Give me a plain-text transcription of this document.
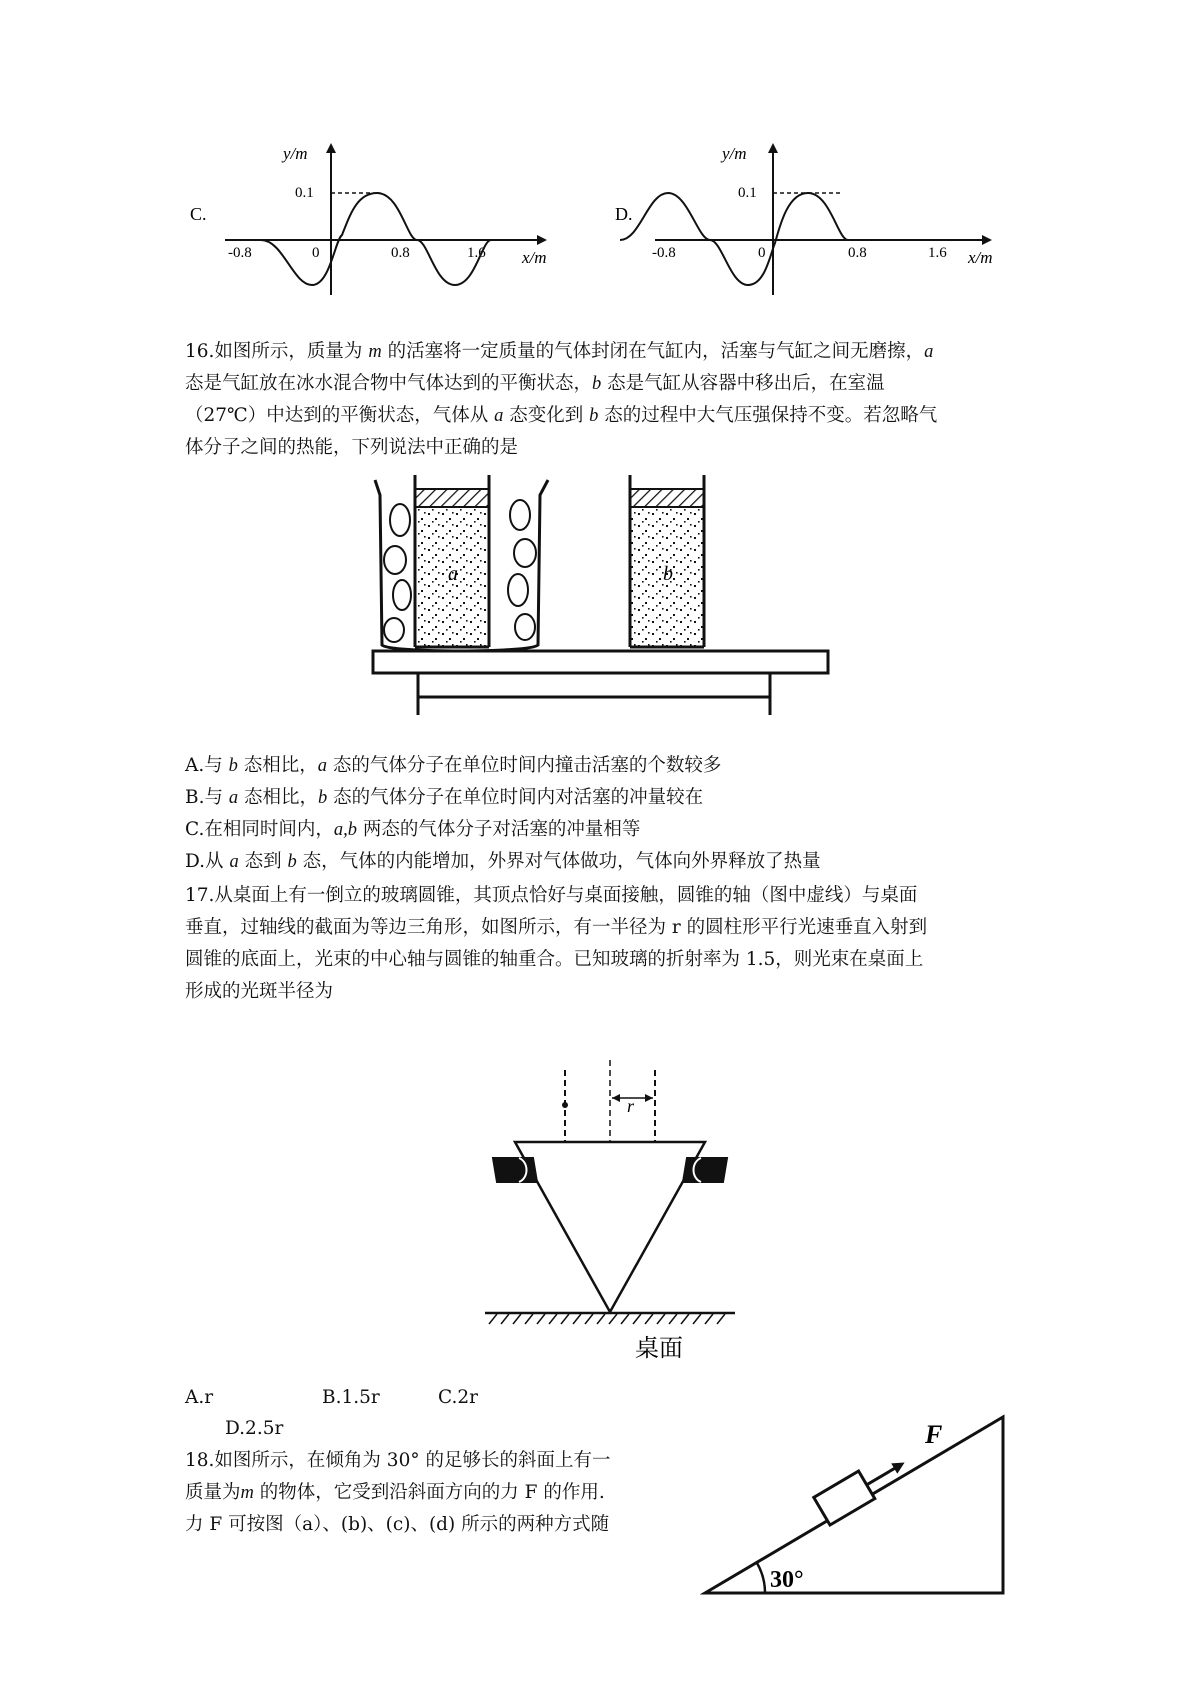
C.
y/m
x/m
0.1
-0.8	0	0.8	1.6
D.
y/m
x/m
0.1
-0.8	0	0.8	1.6
16.如图所示，质量为 m 的活塞将一定质量的气体封闭在气缸内，活塞与气缸之间无磨擦，a
态是气缸放在冰水混合物中气体达到的平衡状态，b 态是气缸从容器中移出后，在室温
（27℃）中达到的平衡状态，气体从 a 态变化到 b 态的过程中大气压强保持不变。若忽略气
体分子之间的热能，下列说法中正确的是
a	b
A.与 b 态相比，a 态的气体分子在单位时间内撞击活塞的个数较多
B.与 a 态相比，b 态的气体分子在单位时间内对活塞的冲量较在
C.在相同时间内，a,b 两态的气体分子对活塞的冲量相等
D.从 a 态到 b 态，气体的内能增加，外界对气体做功，气体向外界释放了热量
17.从桌面上有一倒立的玻璃圆锥，其顶点恰好与桌面接触，圆锥的轴（图中虚线）与桌面
垂直，过轴线的截面为等边三角形，如图所示，有一半径为 r 的圆柱形平行光速垂直入射到
圆锥的底面上，光束的中心轴与圆锥的轴重合。已知玻璃的折射率为 1.5，则光束在桌面上
形成的光斑半径为
r
桌面
A.r	B.1.5r	C.2r
D.2.5r
18.如图所示，在倾角为 30° 的足够长的斜面上有一
质量为m 的物体，它受到沿斜面方向的力 F 的作用.
力 F 可按图（a）、(b)、(c)、(d) 所示的两种方式随
F
30°
